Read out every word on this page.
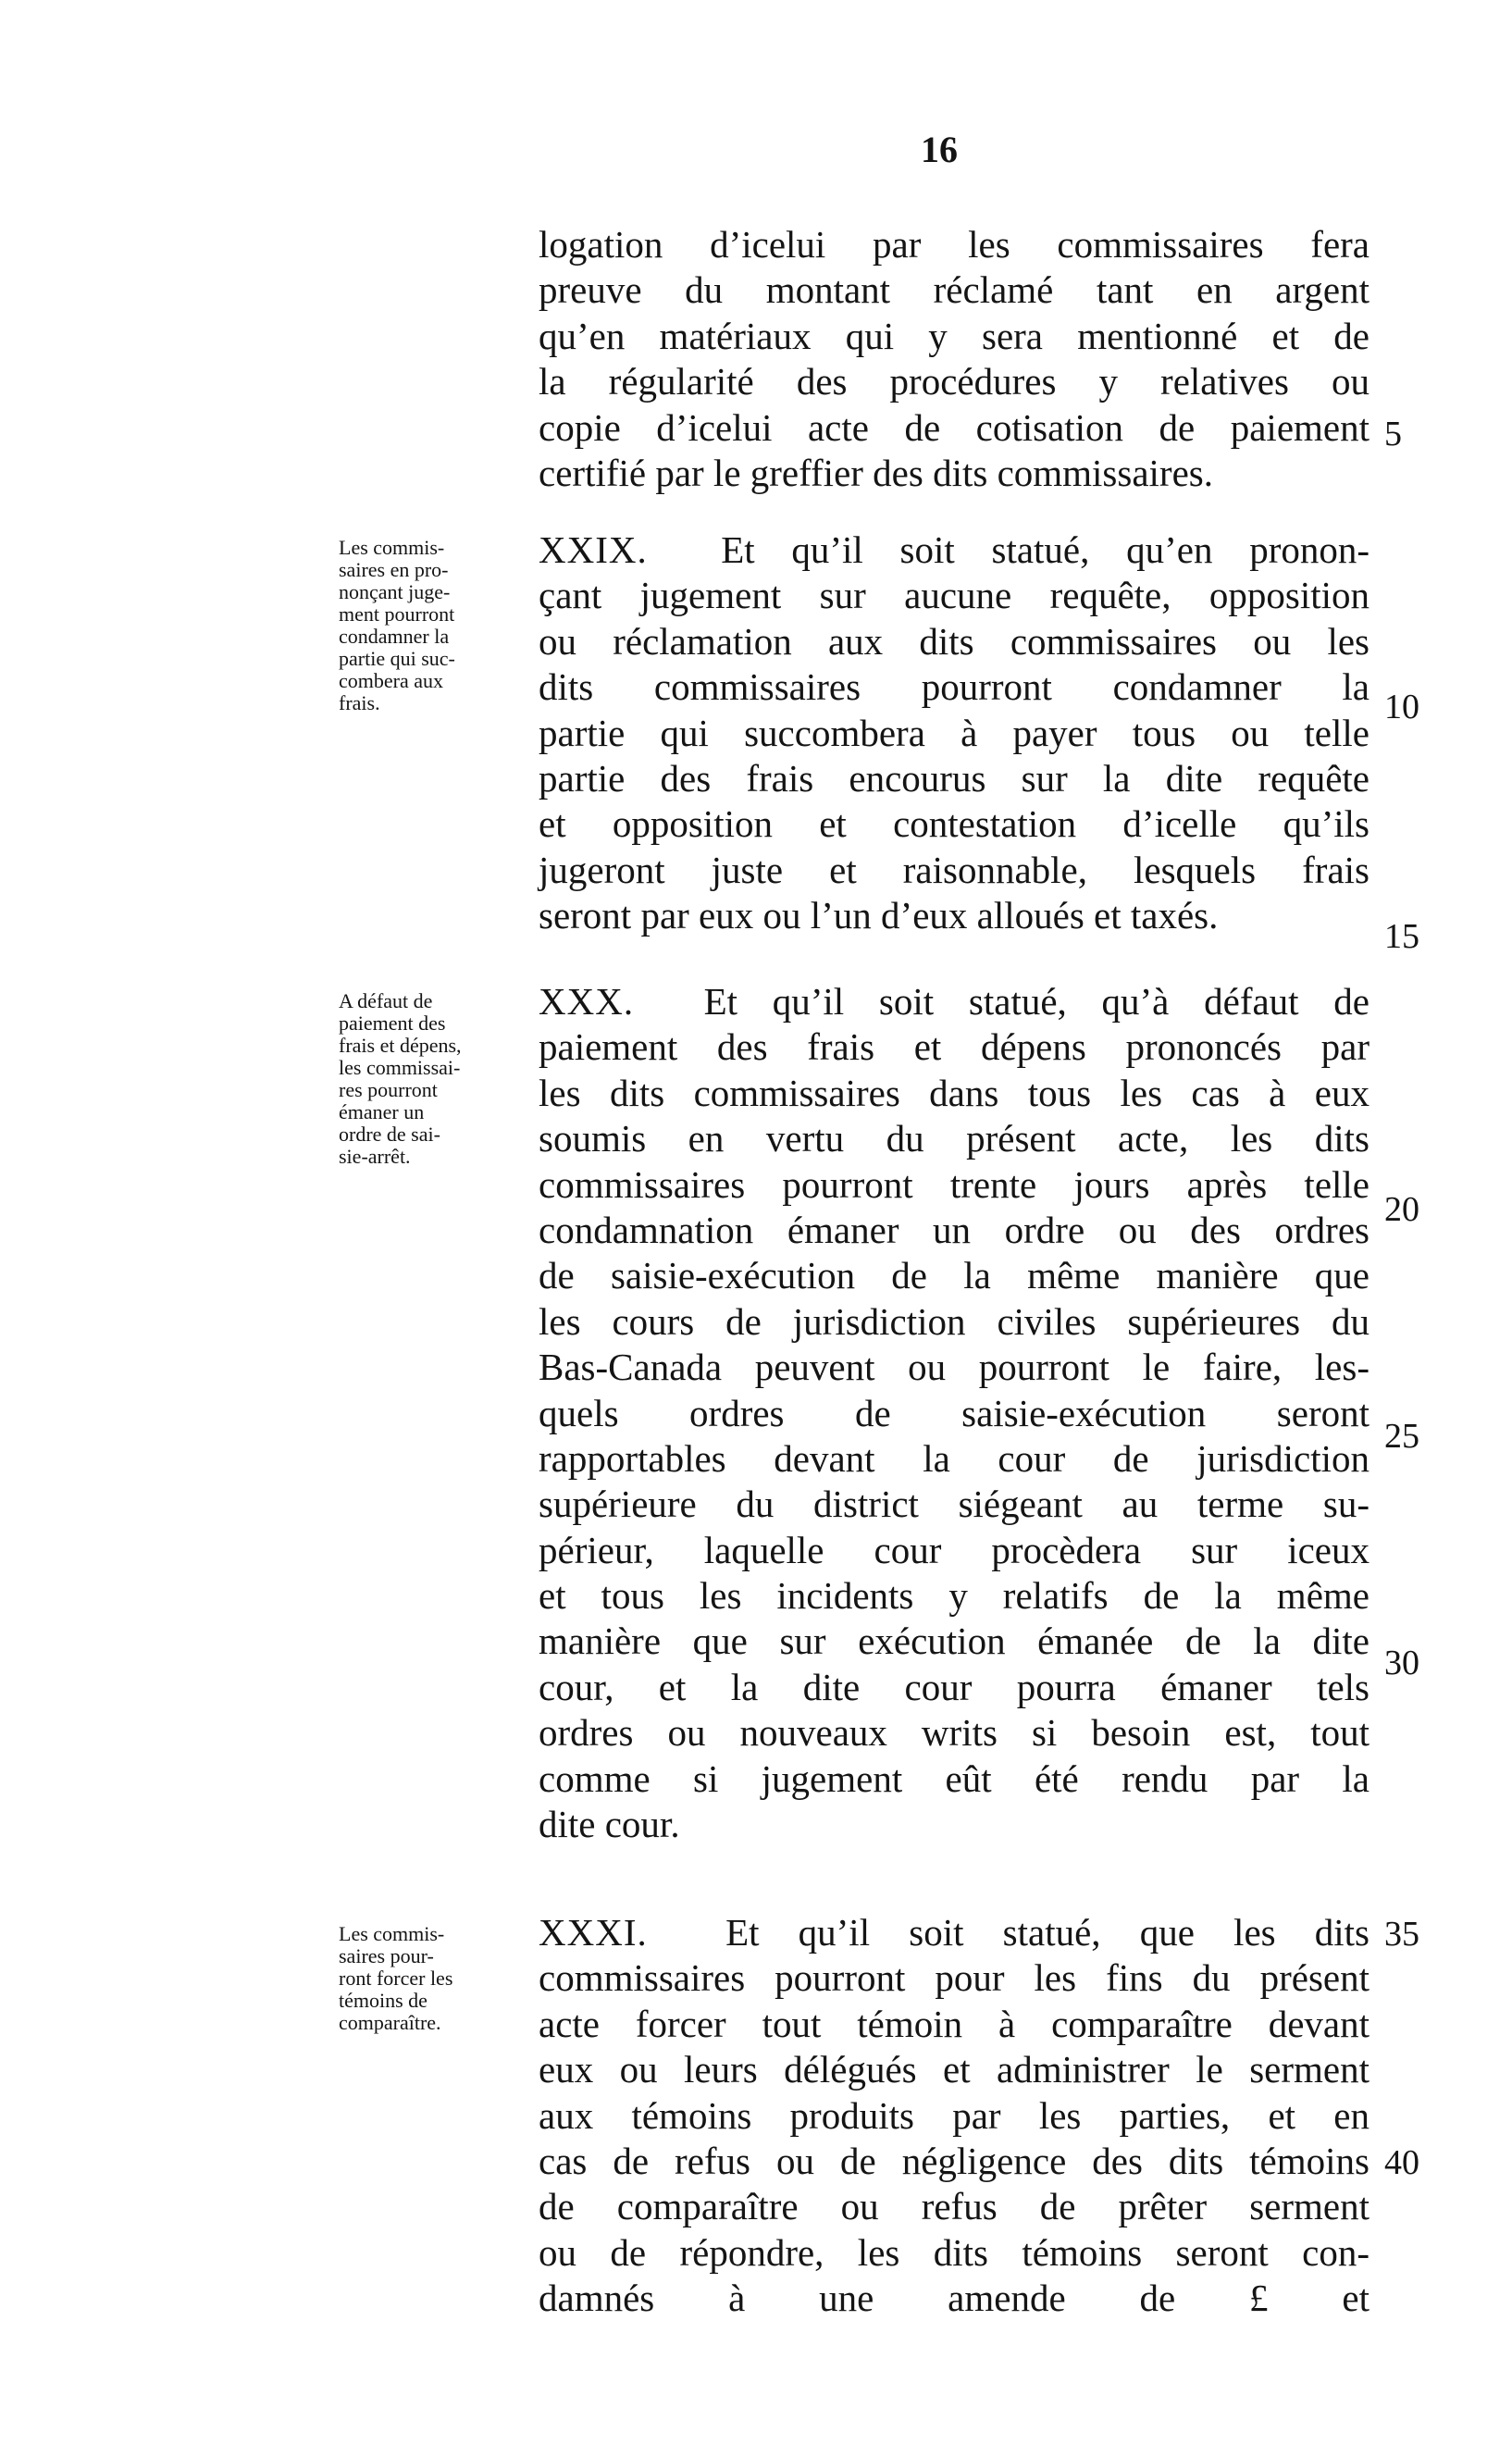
16
logation d’icelui par les commissaires fera
preuve du montant réclamé tant en argent
qu’en matériaux qui y sera mentionné et de
la régularité des procédures y relatives ou
copie d’icelui acte de cotisation de paiement
certifié par le greffier des dits commissaires.
Les commis-
saires en pro-
nonçant juge-
ment pourront
condamner la
partie qui suc-
combera aux
frais.
XXIX. Et qu’il soit statué, qu’en pronon-
çant jugement sur aucune requête, opposition
ou réclamation aux dits commissaires ou les
dits commissaires pourront condamner la
partie qui succombera à payer tous ou telle
partie des frais encourus sur la dite requête
et opposition et contestation d’icelle qu’ils
jugeront juste et raisonnable, lesquels frais
seront par eux ou l’un d’eux alloués et taxés.
A défaut de
paiement des
frais et dépens,
les commissai-
res pourront
émaner un
ordre de sai-
sie-arrêt.
XXX. Et qu’il soit statué, qu’à défaut de
paiement des frais et dépens prononcés par
les dits commissaires dans tous les cas à eux
soumis en vertu du présent acte, les dits
commissaires pourront trente jours après telle
condamnation émaner un ordre ou des ordres
de saisie-exécution de la même manière que
les cours de jurisdiction civiles supérieures du
Bas-Canada peuvent ou pourront le faire, les-
quels ordres de saisie-exécution seront
rapportables devant la cour de jurisdiction
supérieure du district siégeant au terme su-
périeur, laquelle cour procèdera sur iceux
et tous les incidents y relatifs de la même
manière que sur exécution émanée de la dite
cour, et la dite cour pourra émaner tels
ordres ou nouveaux writs si besoin est, tout
comme si jugement eût été rendu par la
dite cour.
Les commis-
saires pour-
ront forcer les
témoins de
comparaître.
XXXI. Et qu’il soit statué, que les dits
commissaires pourront pour les fins du présent
acte forcer tout témoin à comparaître devant
eux ou leurs délégués et administrer le serment
aux témoins produits par les parties, et en
cas de refus ou de négligence des dits témoins
de comparaître ou refus de prêter serment
ou de répondre, les dits témoins seront con-
damnés à une amende de £ et
5
10
15
20
25
30
35
40
